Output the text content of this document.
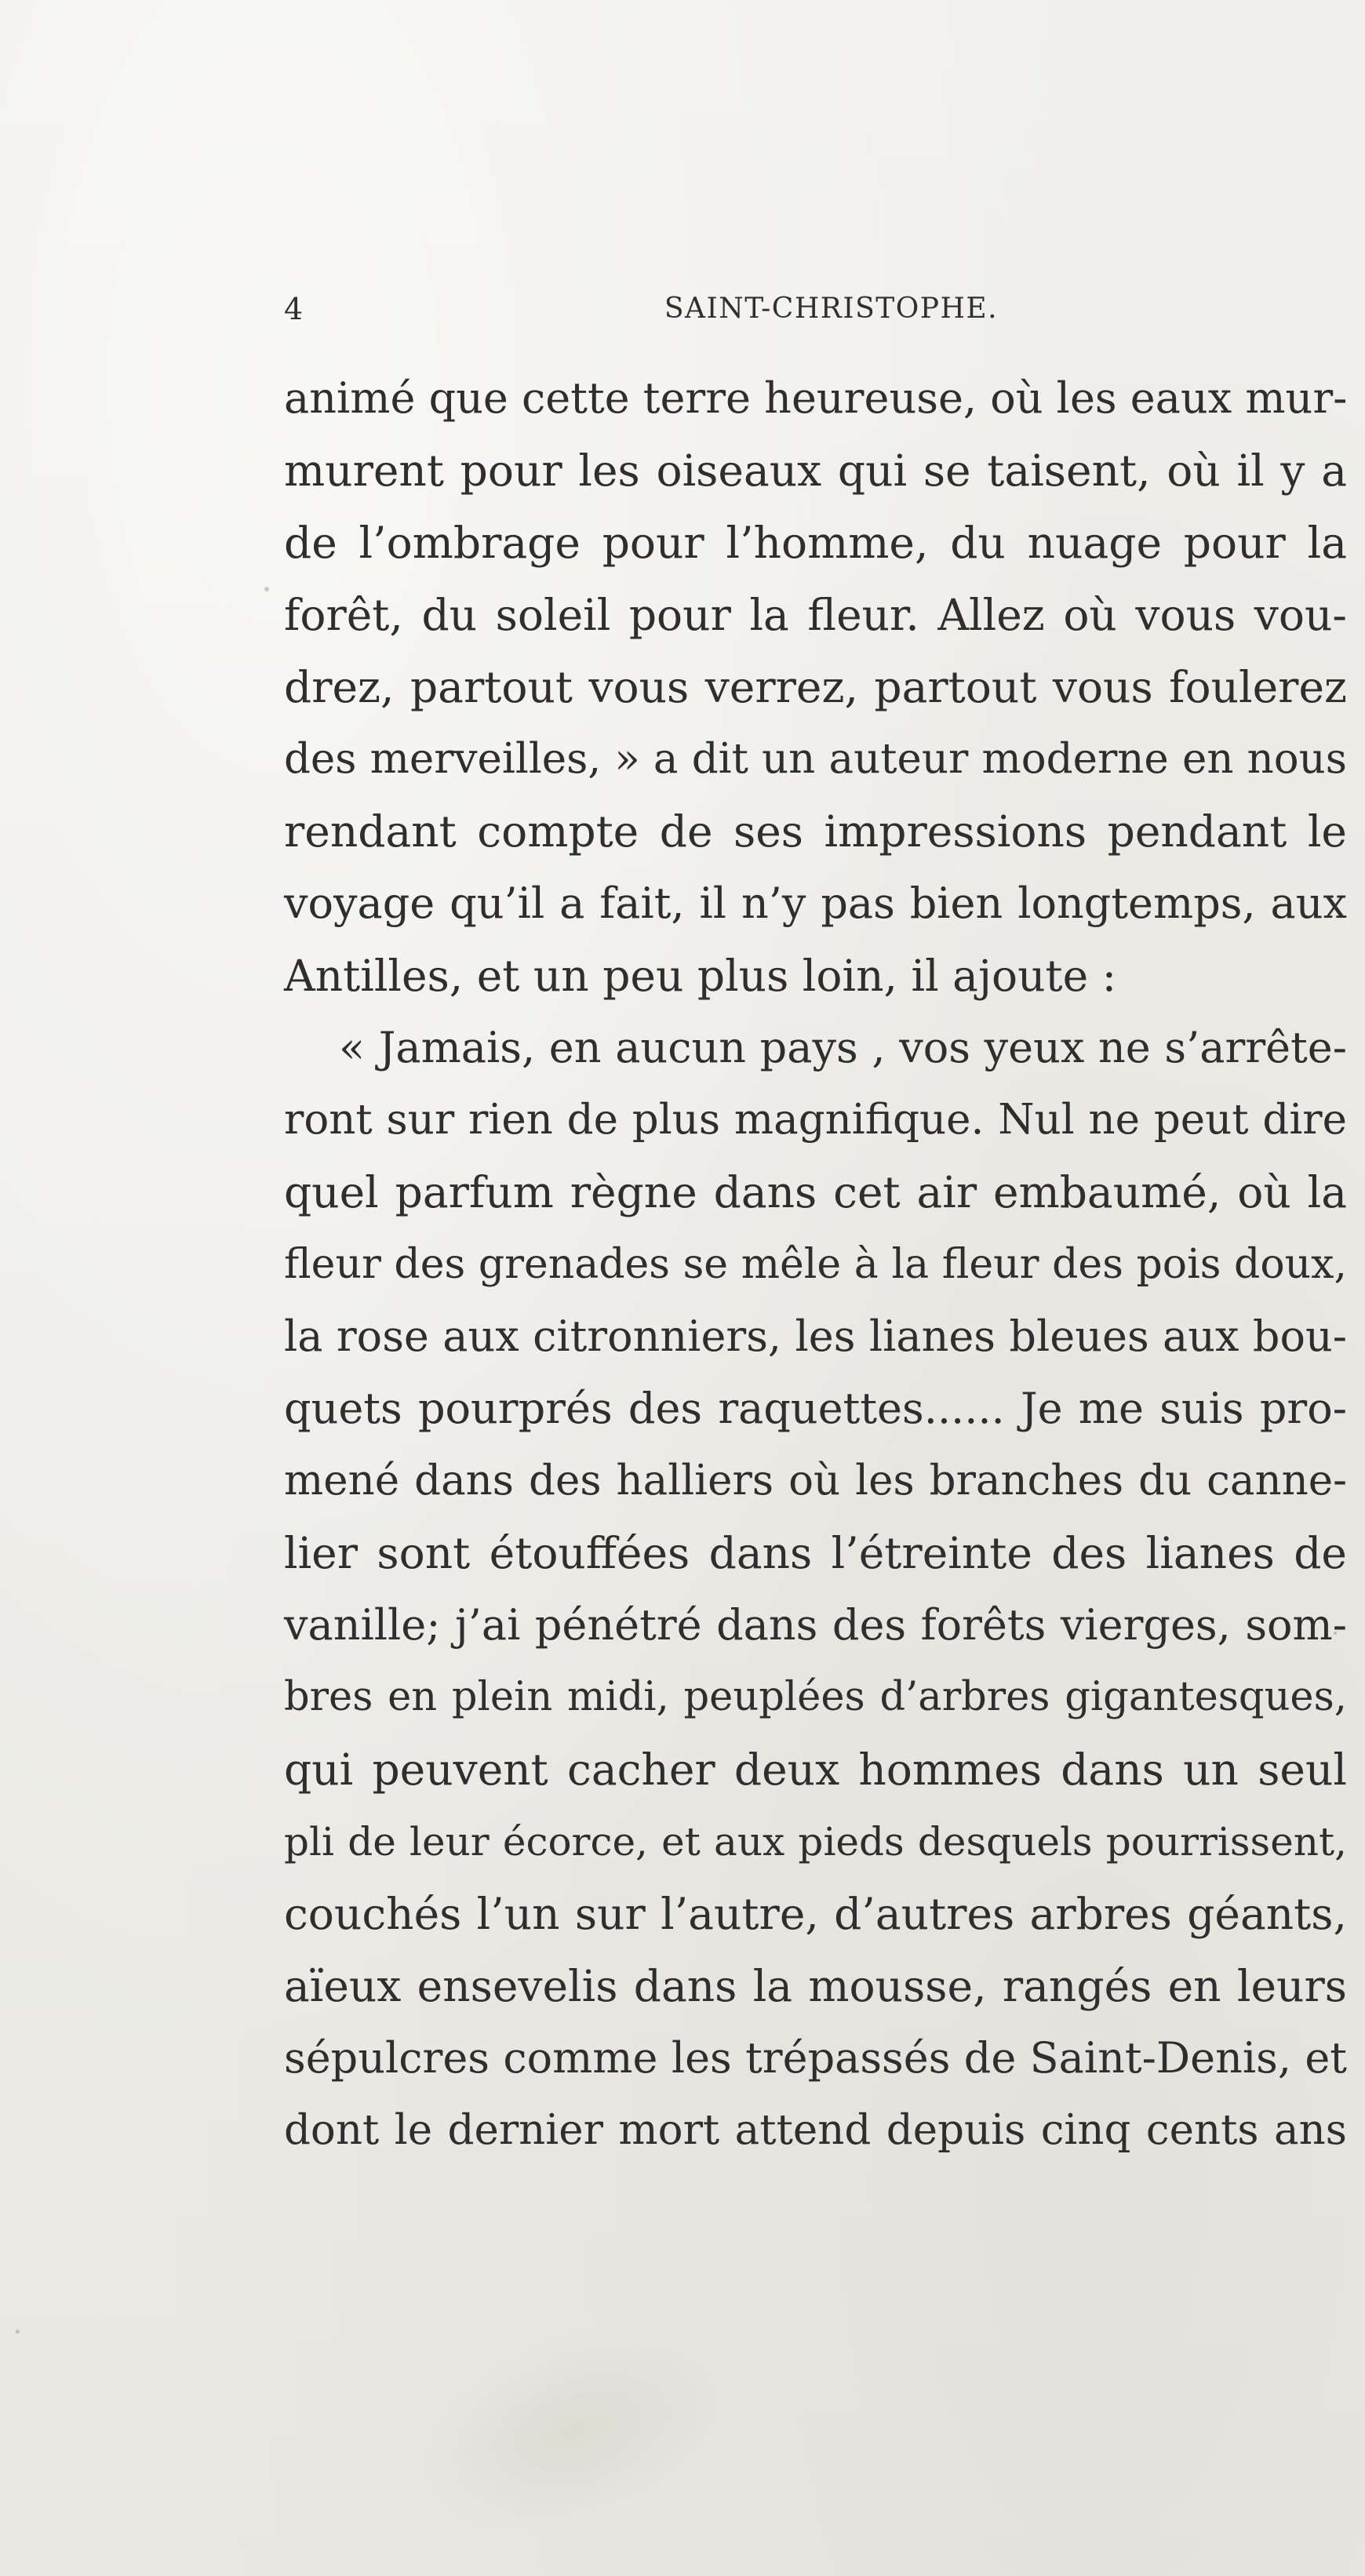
4	SAINT-CHRISTOPHE.
animé que cette terre heureuse, où les eaux mur-
murent pour les oiseaux qui se taisent, où il y a
de l’ombrage pour l’homme, du nuage pour la
forêt, du soleil pour la fleur. Allez où vous vou-
drez, partout vous verrez, partout vous foulerez
des merveilles, » a dit un auteur moderne en nous
rendant compte de ses impressions pendant le
voyage qu’il a fait, il n’y pas bien longtemps, aux
Antilles, et un peu plus loin, il ajoute :
« Jamais, en aucun pays , vos yeux ne s’arrête-
ront sur rien de plus magnifique. Nul ne peut dire
quel parfum règne dans cet air embaumé, où la
fleur des grenades se mêle à la fleur des pois doux,
la rose aux citronniers, les lianes bleues aux bou-
quets pourprés des raquettes...... Je me suis pro-
mené dans des halliers où les branches du canne-
lier sont étouffées dans l’étreinte des lianes de
vanille; j’ai pénétré dans des forêts vierges, som-
bres en plein midi, peuplées d’arbres gigantesques,
qui peuvent cacher deux hommes dans un seul
pli de leur écorce, et aux pieds desquels pourrissent,
couchés l’un sur l’autre, d’autres arbres géants,
aïeux ensevelis dans la mousse, rangés en leurs
sépulcres comme les trépassés de Saint-Denis, et
dont le dernier mort attend depuis cinq cents ans
